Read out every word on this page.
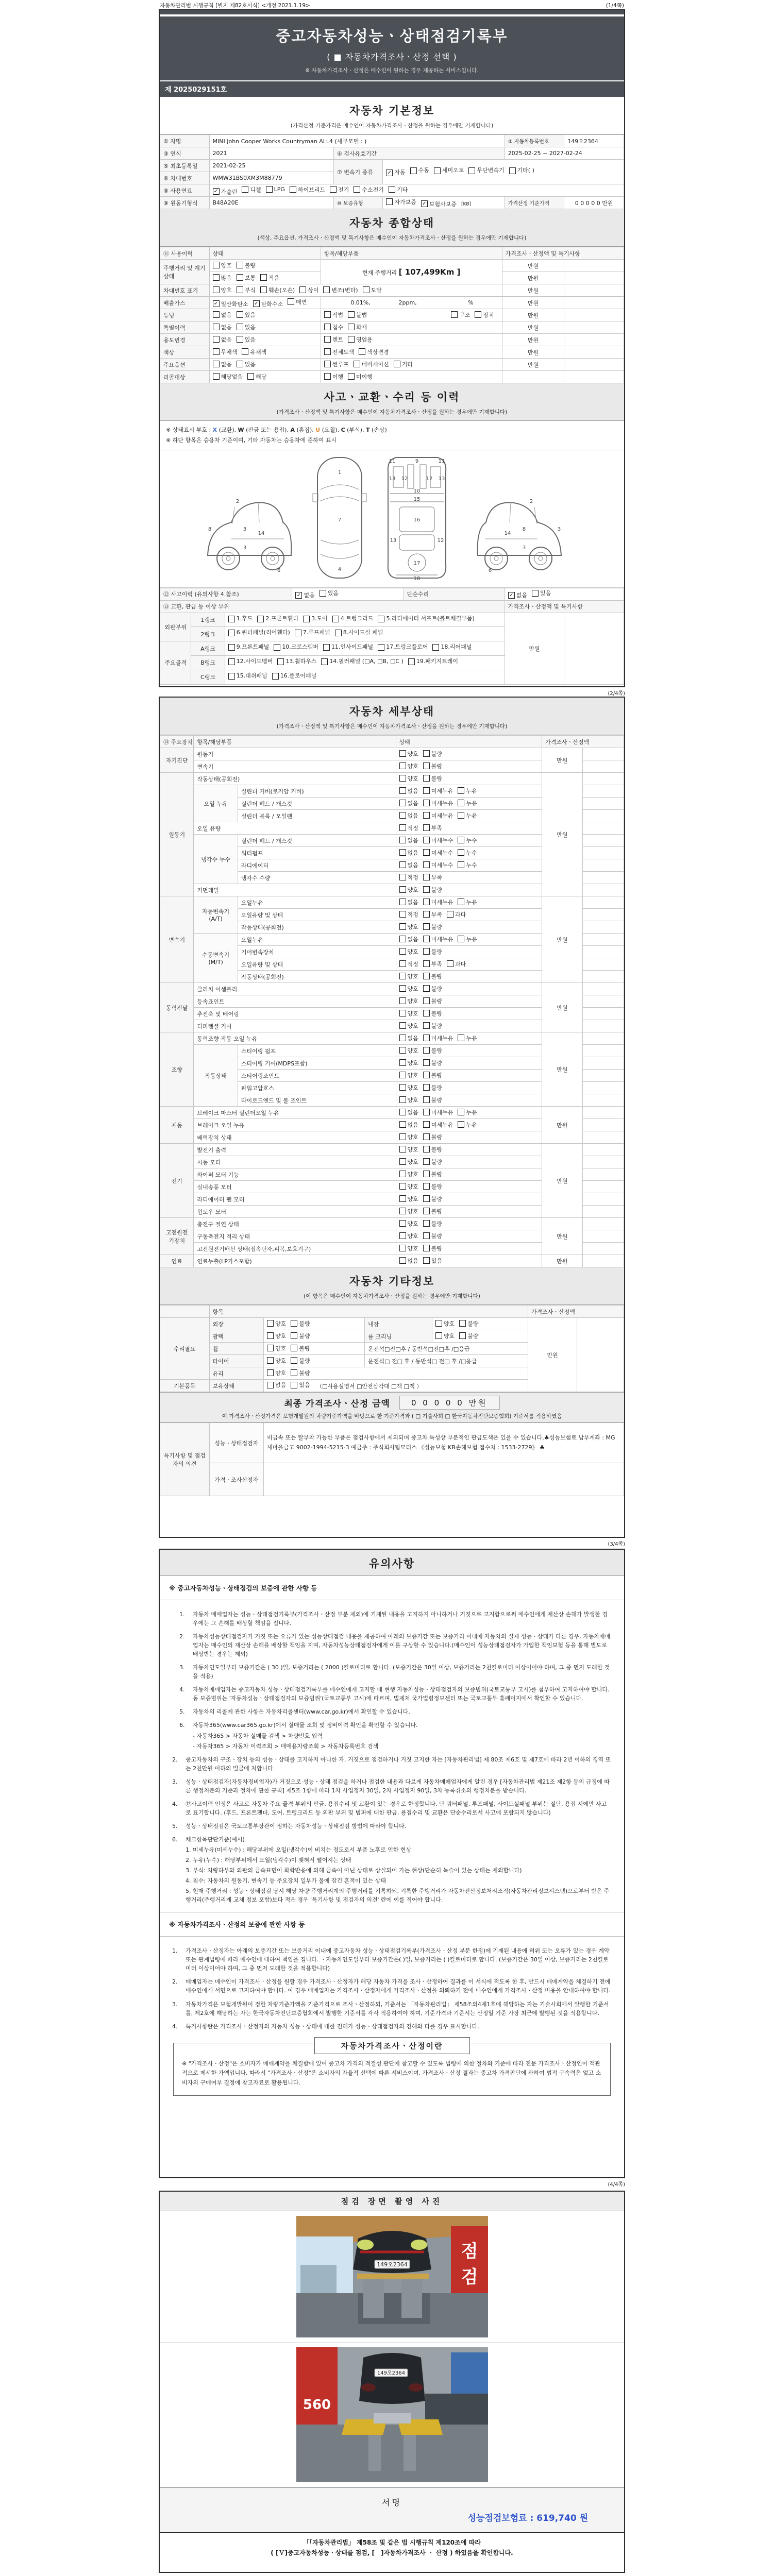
자동차관리법 시행규칙 [별지 제82호서식] <개정 2021.1.19>	(1/4쪽)
중고자동차성능ㆍ상태점검기록부
( ■ 자동차가격조사ㆍ산정 선택 )
※ 자동차가격조사ㆍ산정은 매수인이 원하는 경우 제공하는 서비스입니다.
제 2025029151호
자동차 기본정보
(가격산정 기준가격은 매수인이 자동차가격조사ㆍ산정을 원하는 경우에만 기재합니다)
① 차명	MINI John Cooper Works Countryman ALL4 (세부모델 : )			② 자동차등록번호	149오2364
③ 연식	2021	④ 검사유효기간		2025-02-25 ~ 2027-02-24	
⑤ 최초등록일	2021-02-25	⑦ 변속기 종류	✓ 자동 수동 세미오토 무단변속기 기타( )

⑥ 차대번호	WMW31BS0XM3M88779				
⑧ 사용연료	✓ 가솔린 디젤 LPG 하이브리드 전기 수소전기 기타

⑨ 원동기형식	B48A20E	⑩ 보증유형	자가보증 ✓ 보험사보증 [KB]	가격산정 기준가격	0 0 0 0 0 만원
자동차 종합상태
(색상, 주요옵션, 가격조사ㆍ산정액 및 특기사항은 매수인이 자동차가격조사ㆍ산정을 원하는 경우에만 기재합니다)
⑪ 사용이력	상태	항목/해당부품	가격조사ㆍ산정액 및 특기사항	
주행거리 및 계기상태	양호 불량	현재 주행거리 [ 107,499Km ]	만원	

	많음 보통 적음		만원	
차대번호 표기	양호 부식 훼손(오손) 상이 변조(변타) 도말	만원	
배출가스	✓ 일산화탄소 ✓ 탄화수소 매연	0.01%, 2ppm, %	만원	
튜닝	없음 있음	적법 불법 구조 장치	만원	
특별이력	없음 있음	침수 화재	만원	
용도변경	없음 있음	렌트 영업용	만원	
색상	무채색 유채색	전체도색 색상변경	만원	
주요옵션	없음 있음	썬루프 네비게이션 기타	만원	
리콜대상	해당없음 해당	이행 미이행		

사고ㆍ교환ㆍ수리 등 이력
(가격조사ㆍ산정액 및 특기사항은 매수인이 자동차가격조사ㆍ산정을 원하는 경우에만 기재합니다)
※ 상태표시 부호 : X (교환), W (판금 또는 용접), A (흠집), U (요철), C (부식), T (손상)
※ 하단 항목은 승용차 기준이며, 기타 자동차는 승용차에 준하여 표시
2
8	3
14
3
6
1
7
4
9
11	11
13 12	12 13
10
15
16
13	12
17
18
2
3
8
14
3
6
⑫ 사고이력 (유의사항 4.참조)			✓ 없음 있음	단순수리	✓ 없음 있음	

⑬ 교환, 판금 등 이상 부위					가격조사ㆍ산정액 및 특기사항	
외판부위	1랭크	1.후드 2.프론트휀더 3.도어 4.트렁크리드 5.라디에이터 서포트(볼트체결부품)			만원	
	2랭크	6.쿼더패널(리어휀다) 7.루프패널 8.사이드실 패널				

주요골격	A랭크	9.프론트패널 10.크로스멤버 11.인사이드패널 17.트렁크플로어 18.리어패널				

	B랭크	12.사이드멤버 13.휠하우스 14.필러패널 (□A, □B, □C ) 19.패키지트레이				

	C랭크	15.대쉬패널 16.플로어패널				
(2/4쪽)
자동차 세부상태
(가격조사ㆍ산정액 및 특기사항은 매수인이 자동차가격조사ㆍ산정을 원하는 경우에만 기재합니다)
⑭ 주요장치	항목/해당부품		상태	가격조사ㆍ산정액	
자기진단	원동기		양호 불량	만원	
	변속기		양호 불량		

원동기	작동상태(공회전)		양호 불량	만원	
	오일 누유	실린더 커버(로커암 커버)	없음 미세누유 누유		

		실린더 헤드 / 개스킷	없음 미세누유 누유		

		실린더 블록 / 오일팬	없음 미세누유 누유		

	오일 유량		적정 부족		

	냉각수 누수	실린더 헤드 / 개스킷	없음 미세누수 누수		

		워터펌프	없음 미세누수 누수		

		라디에이터	없음 미세누수 누수		

		냉각수 수량	적정 부족		

	커먼레일		양호 불량		

변속기	자동변속기 (A/T)	오일누유	없음 미세누유 누유	만원	
		오일유량 및 상태	적정 부족 과다		

		작동상태(공회전)	양호 불량		

	수동변속기 (M/T)	오일누유	없음 미세누유 누유		

		기어변속장치	양호 불량		

		오일유량 및 상태	적정 부족 과다		

		작동상태(공회전)	양호 불량		

동력전달	클러치 어셈블리		양호 불량	만원	
	등속죠인트		양호 불량		

	추진축 및 베어링		양호 불량		

	디퍼렌셜 기어		양호 불량		

조향	동력조향 작동 오일 누유		없음 미세누유 누유	만원	
	작동상태	스티어링 펌프	양호 불량		

		스티어링 기어(MDPS포함)	양호 불량		

		스티어링조인트	양호 불량		

		파워고압호스	양호 불량		

		타이로드엔드 및 볼 조인트	양호 불량		

제동	브레이크 마스터 실린더오일 누유		없음 미세누유 누유	만원	
	브레이크 오일 누유		없음 미세누유 누유		

	배력장치 상태		양호 불량		

전기	발전기 출력		양호 불량	만원	
	시동 모터		양호 불량		

	와이퍼 모터 기능		양호 불량		

	실내송풍 모터		양호 불량		

	라디에이터 팬 모터		양호 불량		

	윈도우 모터		양호 불량		

고전원전기장치	충전구 절연 상태		양호 불량	만원	
	구동축전지 격리 상태		양호 불량		

	고전원전기배선 상태(접속단자,피복,보호기구)		양호 불량		

연료	연료누출(LP가스포함)		없음 있음	만원	
자동차 기타정보
(이 항목은 매수인이 자동차가격조사ㆍ산정을 원하는 경우에만 기재합니다)
	항목				가격조사ㆍ산정액	
수리필요	외장	양호 불량	내장	양호 불량	만원	
	광택	양호 불량	룸 크리닝	양호 불량		

	휠	양호 불량	운전석□전□후 / 동반석□전□후 /□응급			
	타이어	양호 불량	운전석□ 전□ 후 / 동반석□ 전□ 후 /□응급			
	유리	양호 불량				

기본품목	보유상태	없음 있음 （□사용설명서 □안전삼각대 □잭 □잭 ）				
최종 가격조사ㆍ산정 금액	0 0 0 0 0 만원
이 가격조사ㆍ산정가격은 보험개발원의 차량기준가액을 바탕으로 한 기준가격과 ( □ 기술사회 □ 한국자동차진단보증협회) 기준서를 적용하였음
특기사항 및 점검자의 의견	성능ㆍ상태점검자	비금속 또는 탈부착 가능한 부품은 점검사항에서 제외되며 중고차 특성상 부분적인 판금도색은 있을 수 있습니다.♣성능보험료 납부계좌 : MG새마을금고 9002-1994-5215-3 예금주 : 주식회사팀모터스 《성능보험 KB손해보험 접수처 : 1533-2729》 ♣
	가격ㆍ조사산정자	
(3/4쪽)
유의사항
※ 중고자동차성능ㆍ상태점검의 보증에 관한 사항 등
1.	자동차 매매업자는 성능ㆍ상태점검기록부(가격조사ㆍ산정 부분 제외)에 기재된 내용을 고지하지 아니하거나 거짓으로 고지함으로써 매수인에게 재산상 손해가 발생한 경우에는 그 손해를 배상할 책임을 집니다.
2.	자동차성능상태점검자가 거짓 또는 오류가 있는 성능상태점검 내용을 제공하여 아래의 보증기간 또는 보증거리 이내에 자동차의 실제 성능ㆍ상태가 다른 경우, 자동차매매업자는 매수인의 재산상 손해를 배상할 책임을 지며, 자동차성능상태점검자에게 이를 구상할 수 있습니다.(매수인이 성능상태점검자가 가입한 책임보험 등을 통해 별도로 배상받는 경우는 제외)
3.	자동차인도일부터 보증기간은 ( 30 )일, 보증거리는 ( 2000 )킬로미터로 합니다. (보증기간은 30일 이상, 보증거리는 2천킬로미터 이상이어야 하며, 그 중 먼저 도래한 것을 적용)
4.	자동차매매업자는 중고자동차 성능ㆍ상태점검기록부를 매수인에게 고지할 때 현행 자동차성능ㆍ상태점검자의 보증범위(국토교통부 고시)를 첨부하여 고지하여야 합니다. 동 보증범위는 '자동차성능ㆍ상태점검자의 보증범위'(국토교통부 고시)에 따르며, 법제처 국가법령정보센터 또는 국토교통부 홈페이지에서 확인할 수 있습니다.
5.	자동차의 리콜에 관한 사항은 자동차리콜센터(www.car.go.kr)에서 확인할 수 있습니다.
6.	자동차365(www.car365.go.kr)에서 실매물 조회 및 정비이력 확인을 확인할 수 있습니다.
- 자동차365 > 자동차 실매물 검색 > 차량번호 입력
- 자동차365 > 자동차 이력조회 > 매매용차량조회 > 자동차등록번호 검색
2.	중고자동차의 구조ㆍ장치 등의 성능ㆍ상태를 고지하지 아니한 자, 거짓으로 점검하거나 거짓 고지한 자는 [자동차관리법] 제 80조 제6호 및 제7호에 따라 2년 이하의 징역 또는 2천만원 이하의 벌금에 처합니다.
3.	성능ㆍ상태점검자(자동차정비업자)가 거짓으로 성능ㆍ상태 점검을 하거나 점검한 내용과 다르게 자동차매매업자에게 알린 경우 [자동차관리법 제21조 제2항 등의 규정에 따른 행정처분의 기준과 절차에 관한 규칙] 제5조 1항에 따라 1차 사업정지 30일, 2차 사업정지 90일, 3차 등록취소의 행정처분을 받습니다.
4.	⑫사고이력 인정은 사고로 자동차 주요 골격 부위의 판금, 용접수리 및 교환이 있는 경우로 한정합니다. 단 쿼터패널, 루프패널, 사이드실패널 부위는 절단, 용접 시에만 사고로 표기합니다. (후드, 프론트펜더, 도어, 트렁크리드 등 외판 부위 및 범퍼에 대한 판금, 용접수리 및 교환은 단순수리로서 사고에 포함되지 않습니다)
5.	성능ㆍ상태점검은 국토교통부장관이 정하는 자동차성능ㆍ상태점검 방법에 따라야 합니다.
6.	체크항목판단기준(예시)
1. 미세누유(미세누수) : 해당부위에 오일(냉각수)이 비치는 정도로서 부품 노후로 인한 현상
2. 누유(누수) : 해당부위에서 오일(냉각수)이 맺혀서 떨어지는 상태
3. 부식: 차량하부와 외판의 금속표면이 화학반응에 의해 금속이 아닌 상태로 상실되어 가는 현상(단순히 녹슬어 있는 상태는 제외합니다)
4. 침수: 자동차의 원동기, 변속기 등 주요장치 일부가 물에 잠긴 흔적이 있는 상태
5. 현재 주행거리 : 성능ㆍ상태점검 당시 해당 차량 주행거리계의 주행거리를 기록하되, 기록한 주행거리가 자동차전산정보처리조직(자동차관리정보시스템)으로부터 받은 주행거리(주행거리계 교체 정보 포함)보다 적은 경우 '특기사항 및 점검자의 의견' 란에 이를 적어야 합니다.
※ 자동차가격조사ㆍ산정의 보증에 관한 사항 등
1.	가격조사ㆍ산정자는 아래의 보증기간 또는 보증거리 이내에 중고자동차 성능ㆍ상태점검기록부(가격조사ㆍ산정 부분 한정)에 기재된 내용에 허위 또는 오류가 있는 경우 계약 또는 관계법령에 따라 매수인에 대하여 책임을 집니다. ㆍ자동차인도일부터 보증기간은( )일, 보증거리는 ( )킬로미터로 합니다. (보증기간은 30일 이상, 보증거리는 2천킬로미터 이상이어야 하며, 그 중 먼저 도래한 것을 적용합니다)
2.	매매업자는 매수인이 가격조사ㆍ산정을 원할 경우 가격조사ㆍ산정자가 해당 자동차 가격을 조사ㆍ산정하여 결과를 이 서식에 적도록 한 후, 반드시 매매계약을 체결하기 전에 매수인에게 서면으로 고지하여야 합니다. 이 경우 매매업자는 가격조사ㆍ산정자에게 가격조사ㆍ산정을 의뢰하기 전에 매수인에게 가격조사ㆍ산정 비용을 안내하여야 합니다.
3.	자동차가격은 보험개발원이 정한 차량기준가액을 기준가격으로 조사ㆍ산정하되, 기준서는 「자동차관리법」 제58조의4제1호에 해당하는 자는 기술사회에서 발행한 기준서를, 제2호에 해당하는 자는 한국자동차진단보증협회에서 발행한 기준서를 각각 적용하여야 하며, 기준가격과 기준서는 산정일 기준 가장 최근에 발행된 것을 적용합니다.
4.	특기사항란은 가격조사ㆍ산정자의 자동차 성능ㆍ상태에 대한 견해가 성능ㆍ상태점검자의 견해와 다를 경우 표시합니다.
자동차가격조사ㆍ산정이란
※ "가격조사ㆍ산정"은 소비자가 매매계약을 체결함에 있어 중고차 가격의 적절성 판단에 참고할 수 있도록 법령에 의한 절차와 기준에 따라 전문 가격조사ㆍ산정인이 객관적으로 제시한 가액입니다. 따라서 "가격조사ㆍ산정"은 소비자의 자율적 선택에 따른 서비스이며, 가격조사ㆍ산정 결과는 중고차 가격판단에 관하여 법적 구속력은 없고 소비자의 구매여부 결정에 참고자료로 활용됩니다.
(4/4쪽)
점검 장면 촬영 사진
점
검
149오2364
560
149오2364
서명
성능점검보험료 : 619,740 원
「「자동차관리법」 제58조 및 같은 법 시행규칙 제120조에 따라
( [Ｖ]중고자동차성능ㆍ상태를 점검, [　]자동차가격조사 ㆍ 산정 ) 하였음을 확인합니다.
